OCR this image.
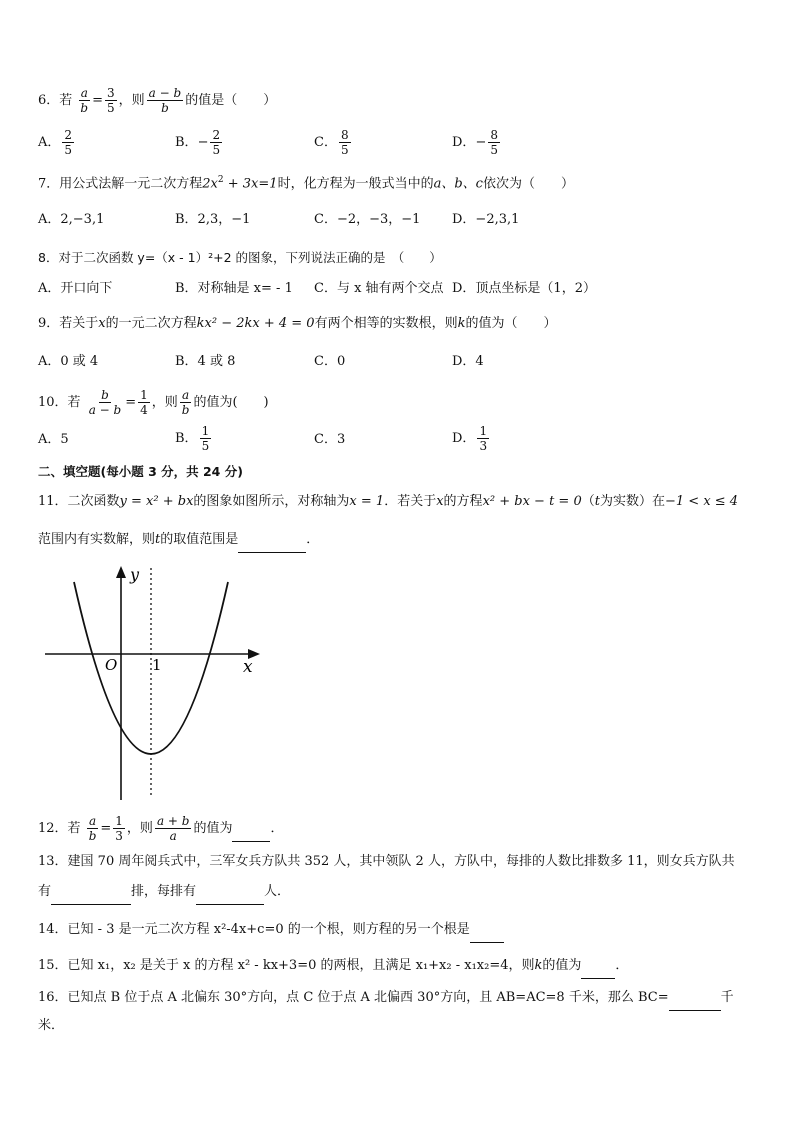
6．若 $\frac{a}{b} = \frac{3}{5}$ ，则 $\frac{a - b}{b}$ 的值是（　　）
A． $\frac{2}{5}$	B．− $\frac{2}{5}$	C． $\frac{8}{5}$	D．− $\frac{8}{5}$
7．用公式法解一元二次方程$2x^2 + 3x=1$时，化方程为一般式当中的a、b、c依次为（　　）
A．2,−3,1	B．2,3，−1	C．−2，−3，−1 D．−2,3,1
8．对于二次函数 y=（x - 1）²+2 的图象，下列说法正确的是　（　　）
A．开口向下	B．对称轴是 x= - 1 C．与 x 轴有两个交点 D．顶点坐标是（1，2）
9．若关于x的一元二次方程kx² − 2kx + 4 = 0有两个相等的实数根，则k的值为（　　）
A．0 或 4	B．4 或 8	C．0	D．4
10．若 $\frac{b}{a - b} = \frac{1}{4}$ ，则 $\frac{a}{b}$ 的值为(　　)
A．5	B． $\frac{1}{5}$	C．3	D． $\frac{1}{3}$
二、填空题(每小题 3 分，共 24 分)
11．二次函数y = x² + bx的图象如图所示，对称轴为x = 1．若关于x的方程x² + bx − t = 0（t为实数）在−1 < x ≤ 4
范围内有实数解，则t的取值范围是	．
y
x
O 1
12．若 $\frac{a}{b} = \frac{1}{3}$ ，则 $\frac{a + b}{a}$ 的值为	．
13．建国 70 周年阅兵式中，三军女兵方队共 352 人，其中领队 2 人，方队中，每排的人数比排数多 11，则女兵方队共
有	排，每排有	人．
14．已知 - 3 是一元二次方程 x²-4x+c=0 的一个根，则方程的另一个根是
15．已知 x₁，x₂ 是关于 x 的方程 x² - kx+3=0 的两根，且满足 x₁+x₂ - x₁x₂=4，则k的值为	．
16．已知点 B 位于点 A 北偏东 30°方向，点 C 位于点 A 北偏西 30°方向，且 AB=AC=8 千米，那么 BC=	千
米．
